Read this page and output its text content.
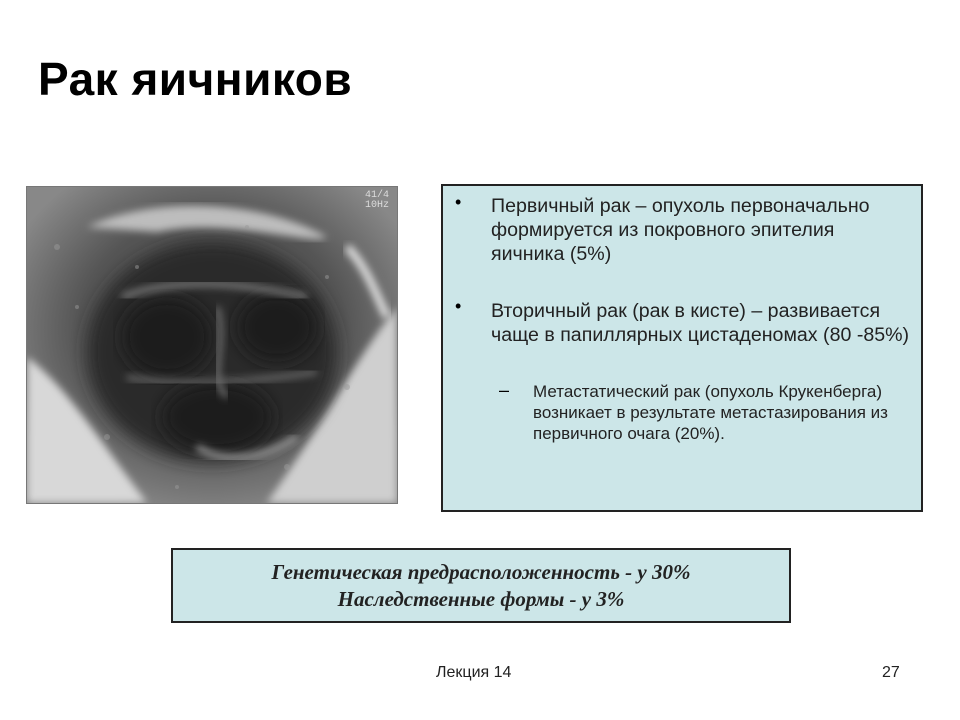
Рак яичников
41/4
10Hz	• Первичный рак – опухоль первоначально формируется из покровного эпителия яичника (5%)
• Вторичный рак (рак в кисте) – развивается чаще в папиллярных цистаденомах (80 -85%)
– Метастатический рак (опухоль Крукенберга) возникает в результате метастазирования из первичного очага (20%).
Генетическая предрасположенность - у 30%
Наследственные формы - у 3%
Лекция 14	27
